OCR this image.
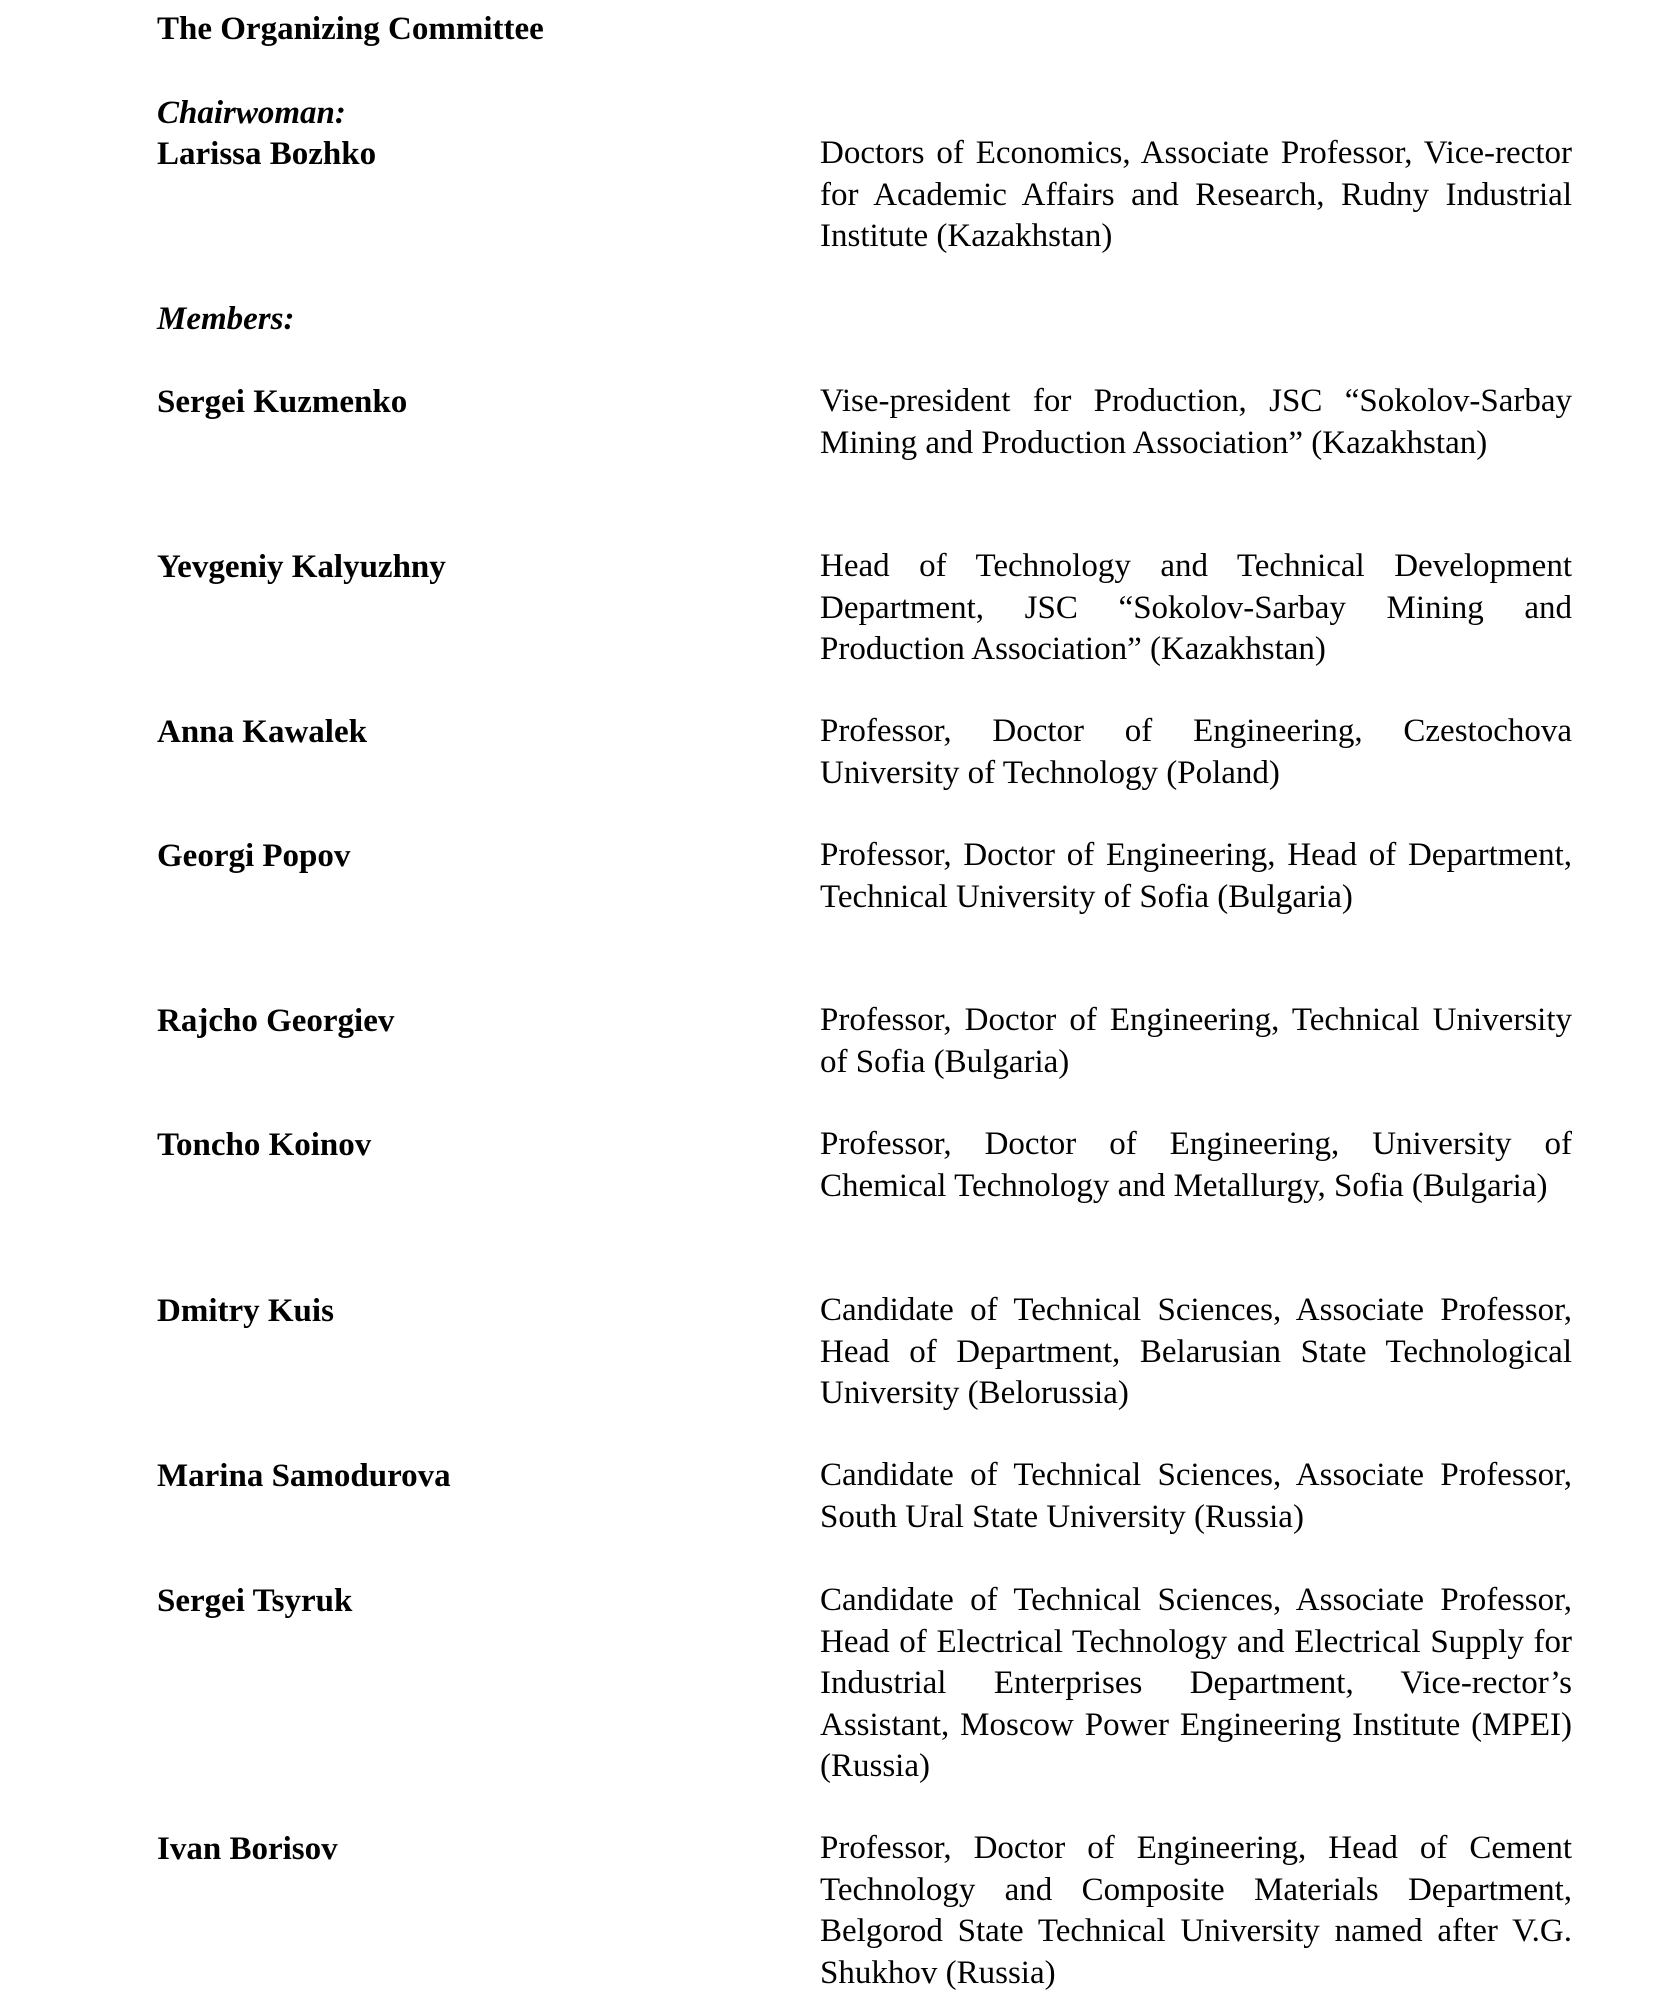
The Organizing Committee
Chairwoman:
Larissa Bozhko	Doctors of Economics, Associate Professor, Vice-rector for Academic Affairs and Research, Rudny Industrial Institute (Kazakhstan)
Members:
Sergei Kuzmenko	Vise-president for Production, JSC “Sokolov-Sarbay Mining and Production Association” (Kazakhstan)
Yevgeniy Kalyuzhny	Head of Technology and Technical Development Department, JSC “Sokolov-Sarbay Mining and Production Association” (Kazakhstan)
Anna Kawalek	Professor, Doctor of Engineering, Czestochova University of Technology (Poland)
Georgi Popov	Professor, Doctor of Engineering, Head of Department, Technical University of Sofia (Bulgaria)
Rajcho Georgiev	Professor, Doctor of Engineering, Technical University of Sofia (Bulgaria)
Toncho Koinov	Professor, Doctor of Engineering, University of Chemical Technology and Metallurgy, Sofia (Bulgaria)
Dmitry Kuis	Candidate of Technical Sciences, Associate Professor, Head of Department, Belarusian State Technological University (Belorussia)
Marina Samodurova	Candidate of Technical Sciences, Associate Professor, South Ural State University (Russia)
Sergei Tsyruk	Candidate of Technical Sciences, Associate Professor, Head of Electrical Technology and Electrical Supply for Industrial Enterprises Department, Vice-rector’s Assistant, Moscow Power Engineering Institute (MPEI) (Russia)
Ivan Borisov	Professor, Doctor of Engineering, Head of Cement Technology and Composite Materials Department, Belgorod State Technical University named after V.G. Shukhov (Russia)
